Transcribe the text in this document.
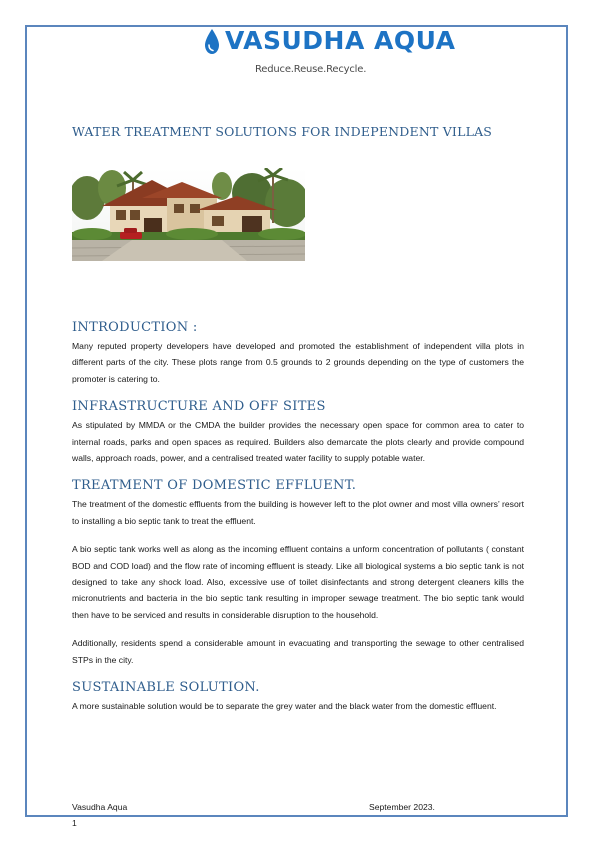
VASUDHA AQUA
Reduce.Reuse.Recycle.
WATER TREATMENT SOLUTIONS FOR INDEPENDENT VILLAS
INTRODUCTION :

Many reputed property developers have developed and promoted the establishment of independent villa plots in different parts of the city. These plots range from 0.5 grounds to 2 grounds depending on the type of customers the promoter is catering to.

INFRASTRUCTURE AND OFF SITES

As stipulated by MMDA or the CMDA the builder provides the necessary open space for common area to cater to internal roads, parks and open spaces as required. Builders also demarcate the plots clearly and provide compound walls, approach roads, power, and a centralised treated water facility to supply potable water.

TREATMENT OF DOMESTIC EFFLUENT.

The treatment of the domestic effluents from the building is however left to the plot owner and most villa owners’ resort to installing a bio septic tank to treat the effluent.

A bio septic tank works well as along as the incoming effluent contains a unform concentration of pollutants ( constant BOD and COD load) and the flow rate of incoming effluent is steady. Like all biological systems a bio septic tank is not designed to take any shock load. Also, excessive use of toilet disinfectants and strong detergent cleaners kills the micronutrients and bacteria in the bio septic tank resulting in improper sewage treatment. The bio septic tank would then have to be serviced and results in considerable disruption to the household.

Additionally, residents spend a considerable amount in evacuating and transporting the sewage to other centralised STPs in the city.

SUSTAINABLE SOLUTION.

A more sustainable solution would be to separate the grey water and the black water from the domestic effluent.

Vasudha Aqua	September 2023.
1
